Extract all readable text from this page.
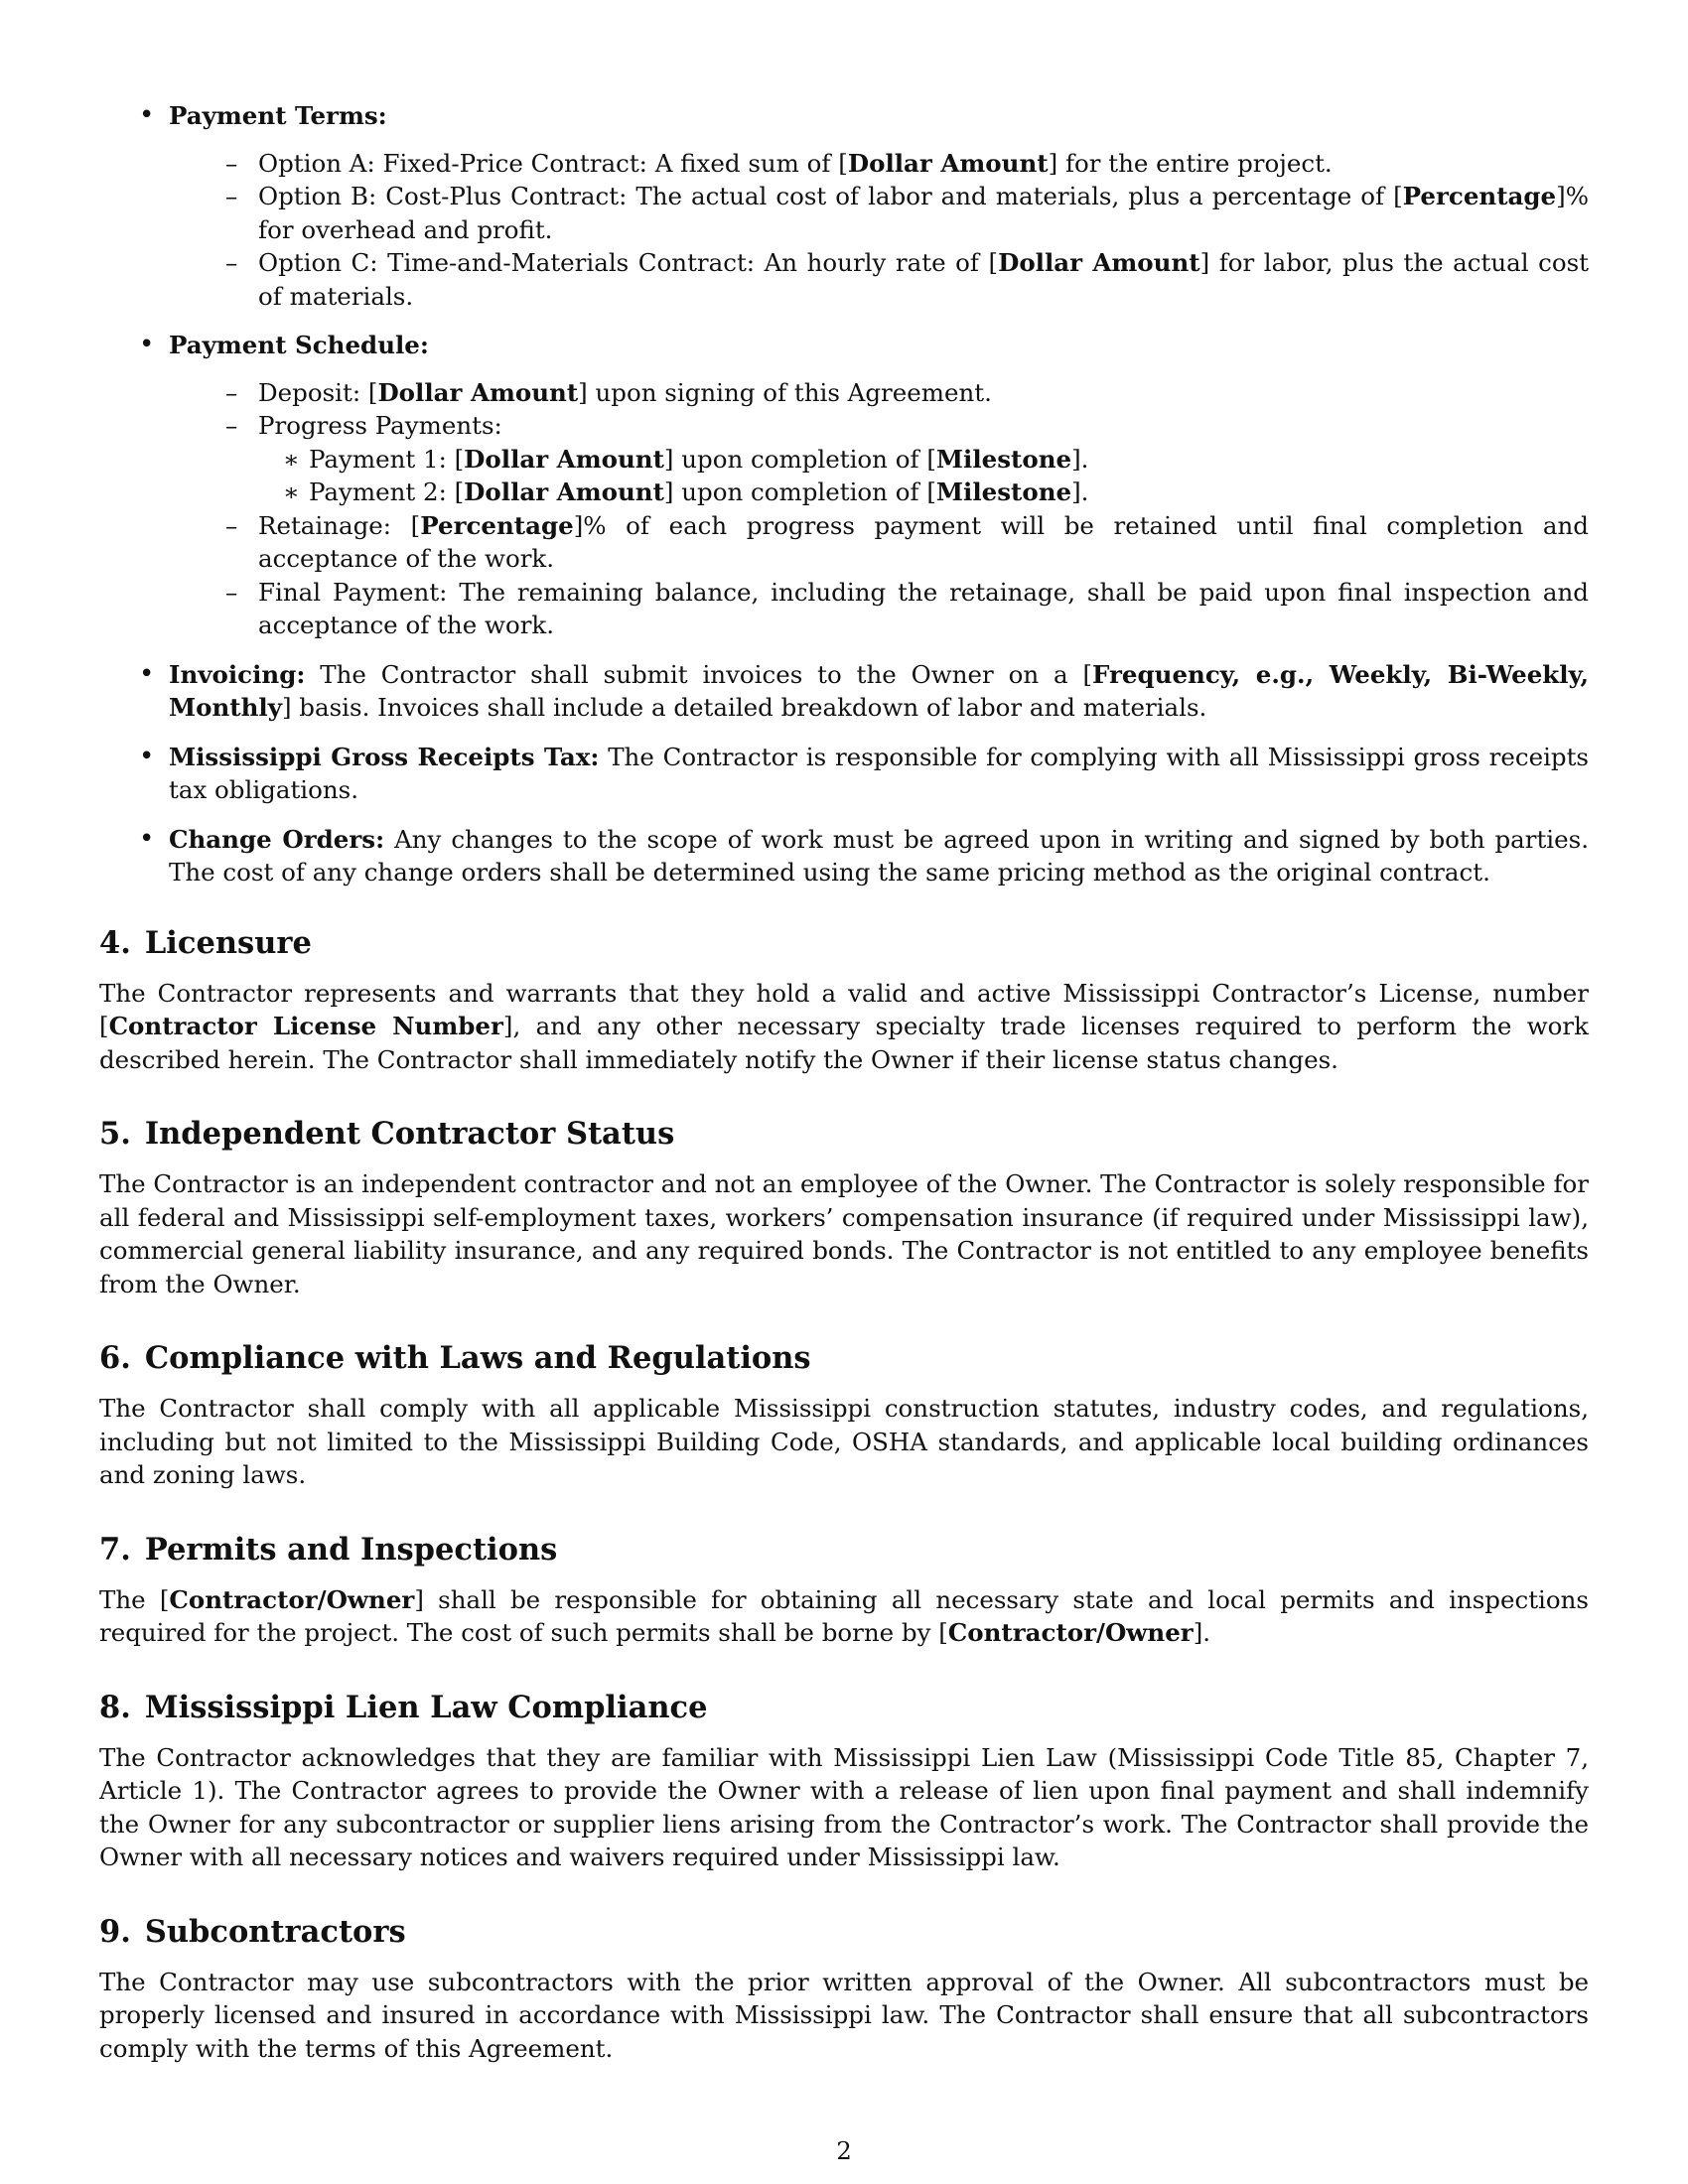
• Payment Terms:
– Option A: Fixed-Price Contract: A fixed sum of [Dollar Amount] for the entire project.
– Option B: Cost-Plus Contract: The actual cost of labor and materials, plus a percentage of [Percentage]% for overhead and profit.
– Option C: Time-and-Materials Contract: An hourly rate of [Dollar Amount] for labor, plus the actual cost of materials.
• Payment Schedule:
– Deposit: [Dollar Amount] upon signing of this Agreement.
– Progress Payments:
∗ Payment 1: [Dollar Amount] upon completion of [Milestone].
∗ Payment 2: [Dollar Amount] upon completion of [Milestone].
– Retainage: [Percentage]% of each progress payment will be retained until final completion and acceptance of the work.
– Final Payment: The remaining balance, including the retainage, shall be paid upon final inspection and acceptance of the work.
• Invoicing: The Contractor shall submit invoices to the Owner on a [Frequency, e.g., Weekly, Bi-Weekly, Monthly] basis. Invoices shall include a detailed breakdown of labor and materials.
• Mississippi Gross Receipts Tax: The Contractor is responsible for complying with all Mississippi gross receipts tax obligations.
• Change Orders: Any changes to the scope of work must be agreed upon in writing and signed by both parties. The cost of any change orders shall be determined using the same pricing method as the original contract.
4. Licensure

The Contractor represents and warrants that they hold a valid and active Mississippi Contractor’s License, number [Contractor License Number], and any other necessary specialty trade licenses required to perform the work described herein. The Contractor shall immediately notify the Owner if their license status changes.

5. Independent Contractor Status

The Contractor is an independent contractor and not an employee of the Owner. The Contractor is solely responsible for all federal and Mississippi self-employment taxes, workers’ compensation insurance (if required under Mississippi law), commercial general liability insurance, and any required bonds. The Contractor is not entitled to any employee benefits from the Owner.

6. Compliance with Laws and Regulations

The Contractor shall comply with all applicable Mississippi construction statutes, industry codes, and regulations, including but not limited to the Mississippi Building Code, OSHA standards, and applicable local building ordinances and zoning laws.

7. Permits and Inspections

The [Contractor/Owner] shall be responsible for obtaining all necessary state and local permits and inspections required for the project. The cost of such permits shall be borne by [Contractor/Owner].

8. Mississippi Lien Law Compliance

The Contractor acknowledges that they are familiar with Mississippi Lien Law (Mississippi Code Title 85, Chapter 7, Article 1). The Contractor agrees to provide the Owner with a release of lien upon final payment and shall indemnify the Owner for any subcontractor or supplier liens arising from the Contractor’s work. The Contractor shall provide the Owner with all necessary notices and waivers required under Mississippi law.

9. Subcontractors

The Contractor may use subcontractors with the prior written approval of the Owner. All subcontractors must be properly licensed and insured in accordance with Mississippi law. The Contractor shall ensure that all subcontractors comply with the terms of this Agreement.

2
